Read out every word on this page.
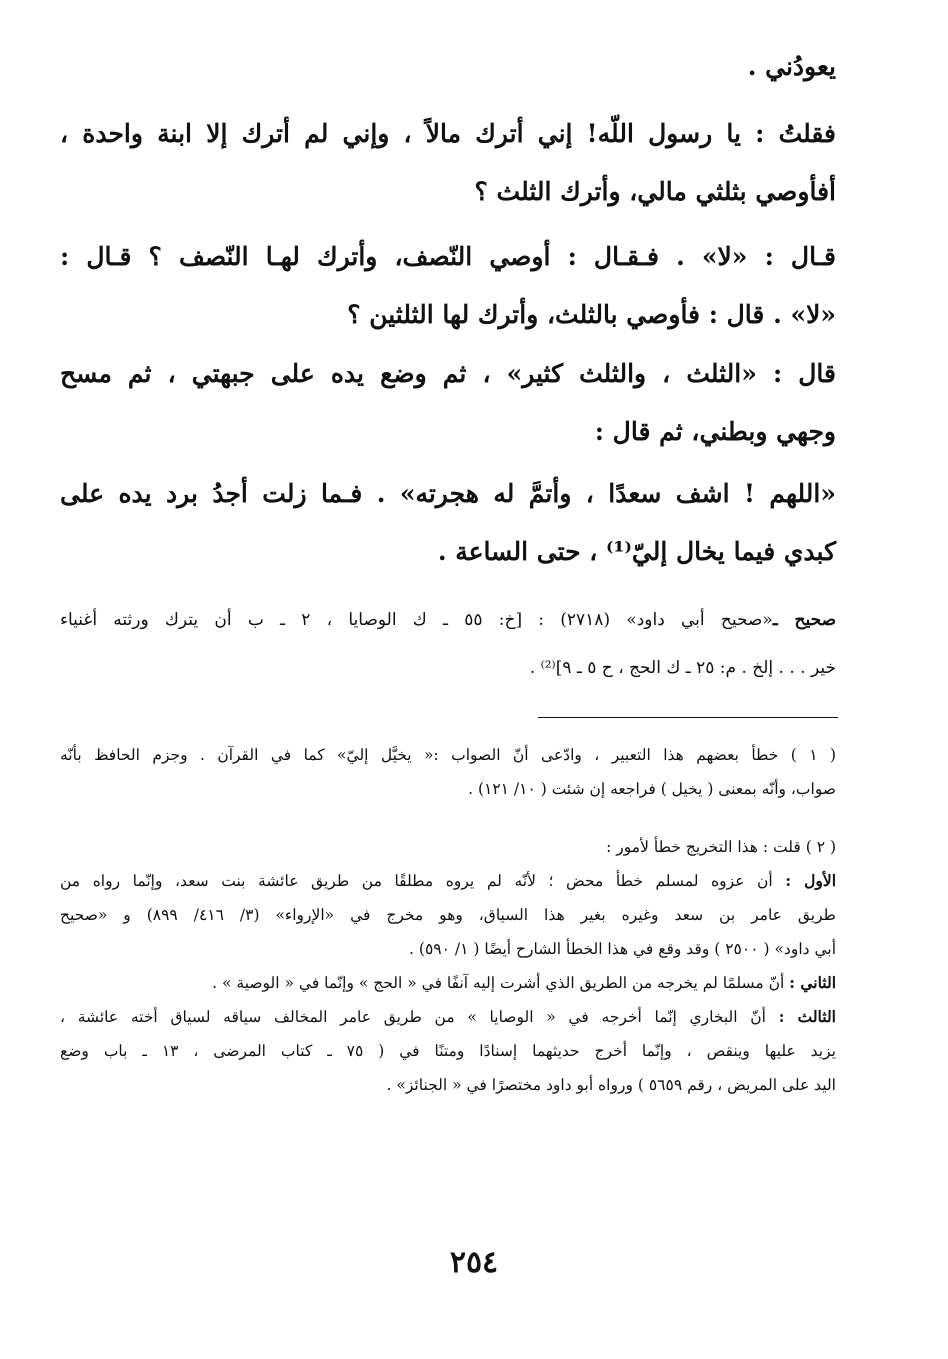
يعودُني .
فقلتُ : يا رسول اللّه! إني أترك مالاً ، وإني لم أترك إلا ابنة واحدة ،
أفأوصي بثلثي مالي، وأترك الثلث ؟
قـال : «لا» . فـقـال : أوصي النّصف، وأترك لهـا النّصف ؟ قـال :
«لا» . قال : فأوصي بالثلث، وأترك لها الثلثين ؟
قال : «الثلث ، والثلث كثير» ، ثم وضع يده على جبهتي ، ثم مسح
وجهي وبطني، ثم قال :
«اللهم ! اشف سعدًا ، وأتمَّ له هجرته» . فـما زلت أجدُ برد يده على
كبدي فيما يخال إليّ⁽¹⁾ ، حتى الساعة .
صحيح ـ«صحيح أبي داود» (٢٧١٨) : [خ: ٥٥ ـ ك الوصايا ، ٢ ـ ب أن يترك ورثته أغنياء
خير . . . إلخ . م: ٢٥ ـ ك الحج ، ح ٥ ـ ٩]⁽²⁾ .
( ١ ) خطأ بعضهم هذا التعبير ، وادّعى أنّ الصواب :« يخيَّل إليّ» كما في القرآن . وجزم الحافظ بأنّه
صواب، وأنّه بمعنى ( يخيل ) فراجعه إن شئت ( ١٠/ ١٢١) .
( ٢ ) قلت : هذا التخريج خطأ لأمور :
الأول : أن عزوه لمسلم خطأ محض ؛ لأنّه لم يروه مطلقًا من طريق عائشة بنت سعد، وإنّما رواه من
طريق عامر بن سعد وغيره بغير هذا السياق، وهو مخرج في «الإرواء» (٣/ ٤١٦/ ٨٩٩) و «صحيح
أبي داود» ( ٢٥٠٠ ) وقد وقع في هذا الخطأ الشارح أيضًا ( ١/ ٥٩٠) .
الثاني : أنّ مسلمًا لم يخرجه من الطريق الذي أشرت إليه آنفًا في « الحج » وإنّما في « الوصية » .
الثالث : أنّ البخاري إنّما أخرجه في « الوصايا » من طريق عامر المخالف سياقه لسياق أخته عائشة ،
يزيد عليها وينقص ، وإنّما أخرج حديثهما إسنادًا ومتنًا في ( ٧٥ ـ كتاب المرضى ، ١٣ ـ باب وضع
اليد على المريض ، رقم ٥٦٥٩ ) ورواه أبو داود مختصرًا في « الجنائز» .
٢٥٤
